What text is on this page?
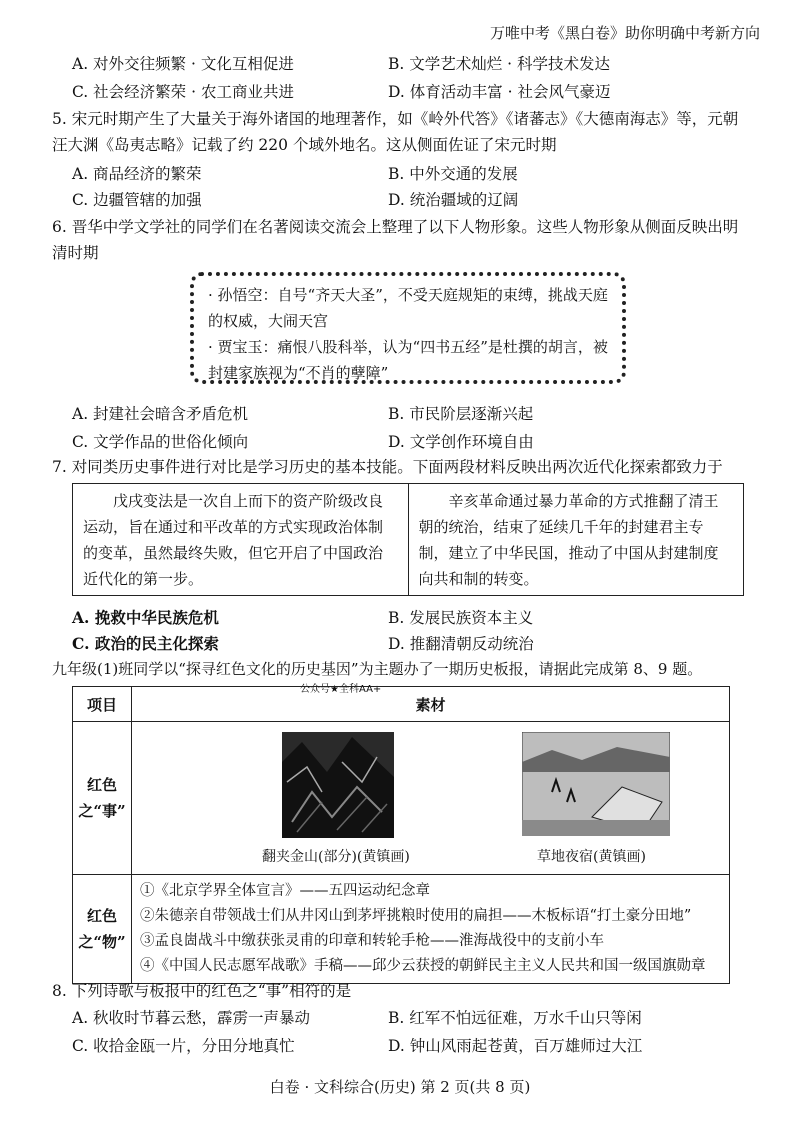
万唯中考《黑白卷》助你明确中考新方向
A. 对外交往频繁 · 文化互相促进	B. 文学艺术灿烂 · 科学技术发达
C. 社会经济繁荣 · 农工商业共进	D. 体育活动丰富 · 社会风气豪迈
5. 宋元时期产生了大量关于海外诸国的地理著作，如《岭外代答》《诸蕃志》《大德南海志》等，元朝汪大渊《岛夷志略》记载了约 220 个域外地名。这从侧面佐证了宋元时期
A. 商品经济的繁荣	B. 中外交通的发展
C. 边疆管辖的加强	D. 统治疆域的辽阔
6. 晋华中学文学社的同学们在名著阅读交流会上整理了以下人物形象。这些人物形象从侧面反映出明清时期

· 孙悟空：自号“齐天大圣”，不受天庭规矩的束缚，挑战天庭的权威，大闹天宫

· 贾宝玉：痛恨八股科举，认为“四书五经”是杜撰的胡言，被封建家族视为“不肖的孽障”

A. 封建社会暗含矛盾危机	B. 市民阶层逐渐兴起
C. 文学作品的世俗化倾向	D. 文学创作环境自由
7. 对同类历史事件进行对比是学习历史的基本技能。下面两段材料反映出两次近代化探索都致力于
戊戌变法是一次自上而下的资产阶级改良运动，旨在通过和平改革的方式实现政治体制的变革，虽然最终失败，但它开启了中国政治近代化的第一步。
辛亥革命通过暴力革命的方式推翻了清王朝的统治，结束了延续几千年的封建君主专制，建立了中华民国，推动了中国从封建制度向共和制的转变。
A. 挽救中华民族危机	B. 发展民族资本主义
C. 政治的民主化探索	D. 推翻清朝反动统治
九年级(1)班同学以“探寻红色文化的历史基因”为主题办了一期历史板报，请据此完成第 8、9 题。
公众号★全科AA+
项目	素材
红色之“事”	翻夹金山(部分)(黄镇画) 草地夜宿(黄镇画)

红色之“物”	①《北京学界全体宣言》——五四运动纪念章
②朱德亲自带领战士们从井冈山到茅坪挑粮时使用的扁担——木板标语“打土豪分田地”
③孟良崮战斗中缴获张灵甫的印章和转轮手枪——淮海战役中的支前小车
④《中国人民志愿军战歌》手稿——邱少云获授的朝鲜民主主义人民共和国一级国旗勋章
8. 下列诗歌与板报中的红色之“事”相符的是
A. 秋收时节暮云愁，霹雳一声暴动	B. 红军不怕远征难，万水千山只等闲
C. 收拾金瓯一片，分田分地真忙	D. 钟山风雨起苍黄，百万雄师过大江
白卷 · 文科综合(历史) 第 2 页(共 8 页)
